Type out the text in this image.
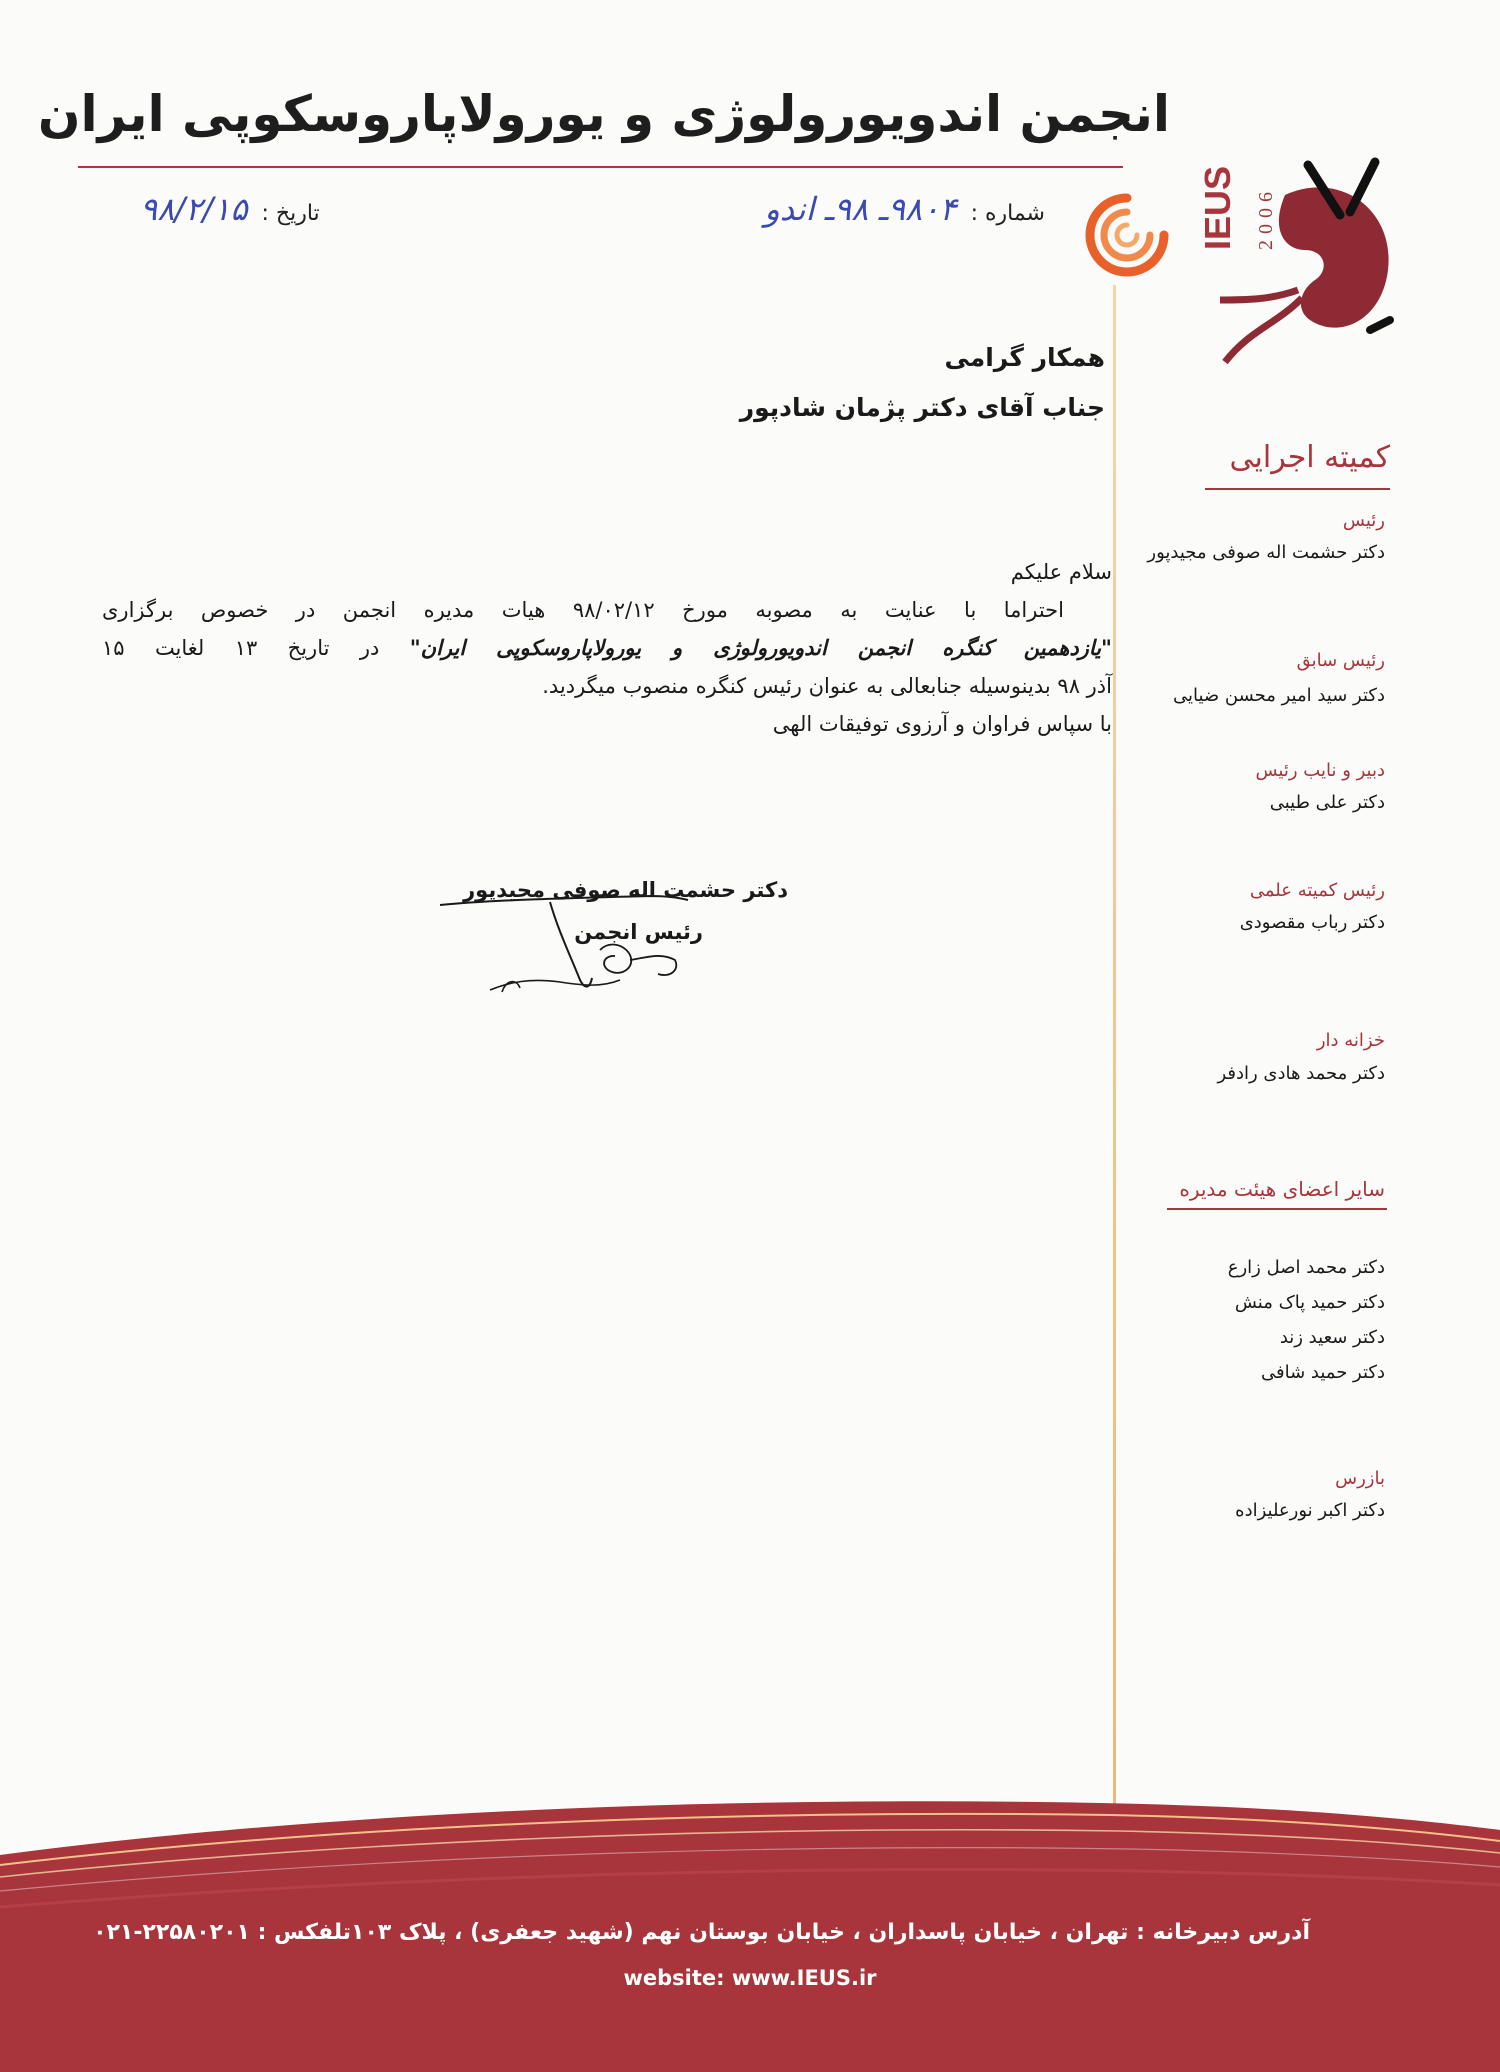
انجمن اندویورولوژی و یورولاپاروسکوپی ایران
شماره :
۹۸۰۴ـ ۹۸ـ اندو
تاریخ :
۹۸/۲/۱۵	IEUS 2006
همکار گرامی
جناب آقای دکتر پژمان شادپور

سلام علیکم

احتراما با عنایت به مصوبه مورخ ۹۸/۰۲/۱۲ هیات مدیره انجمن در خصوص برگزاری

"یازدهمین کنگره انجمن اندویورولوژی و یورولاپاروسکوپی ایران" در تاریخ ۱۳ لغایت ۱۵

آذر ۹۸ بدینوسیله جنابعالی به عنوان رئیس کنگره منصوب میگردید.

با سپاس فراوان و آرزوی توفیقات الهی

دکتر حشمت اله صوفی مجیدپور
رئیس انجمن
کمیته اجرایی
رئیس
دکتر حشمت اله صوفی مجیدپور
رئیس سابق
دکتر سید امیر محسن ضیایی
دبیر و نایب رئیس
دکتر علی طیبی
رئیس کمیته علمی
دکتر رباب مقصودی
خزانه دار
دکتر محمد هادی رادفر
سایر اعضای هیئت مدیره
دکتر محمد اصل زارع
دکتر حمید پاک منش
دکتر سعید زند
دکتر حمید شافی
بازرس
دکتر اکبر نورعلیزاده
آدرس دبیرخانه : تهران ، خیابان پاسداران ، خیابان بوستان نهم (شهید جعفری) ، پلاک ۱۰۳
تلفکس : ۲۲۵۸۰۲۰۱-۰۲۱
website: www.IEUS.ir
